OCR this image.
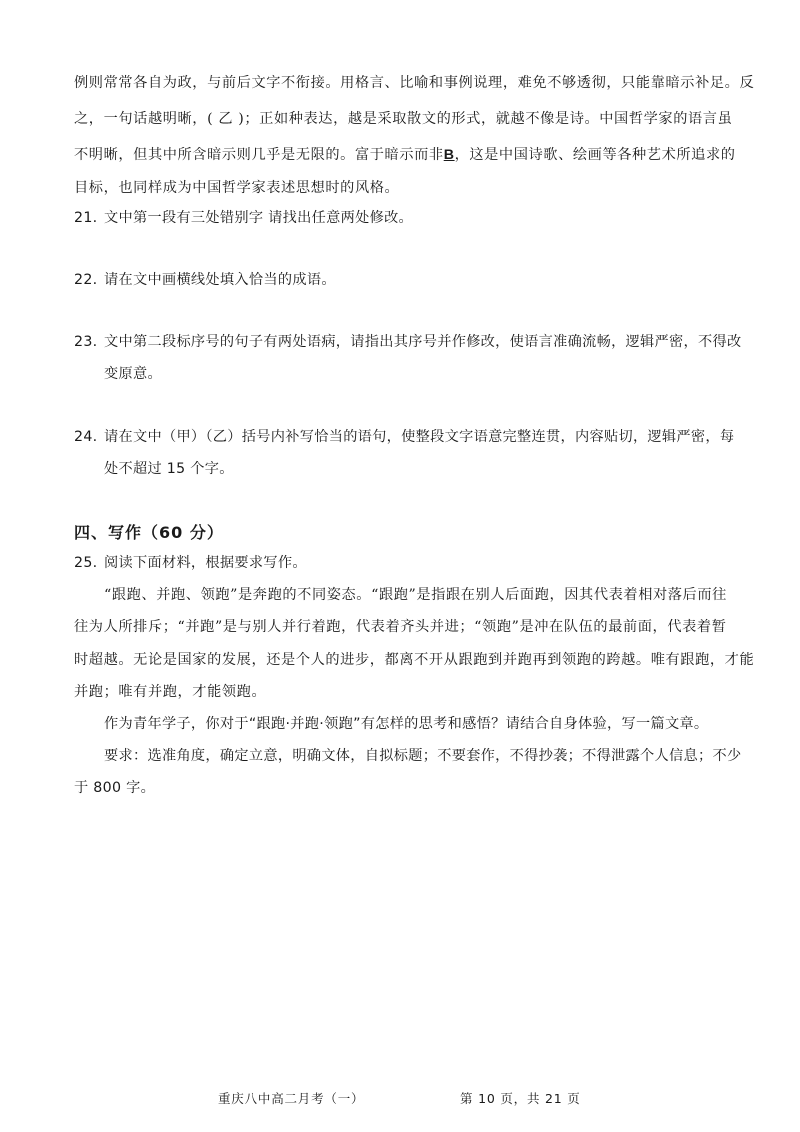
例则常常各自为政，与前后文字不衔接。用格言、比喻和事例说理，难免不够透彻，只能靠暗示补足。反
之，一句话越明晰，( 乙 )；正如种表达，越是采取散文的形式，就越不像是诗。中国哲学家的语言虽
不明晰，但其中所含暗示则几乎是无限的。富于暗示而非B，这是中国诗歌、绘画等各种艺术所追求的
目标，也同样成为中国哲学家表述思想时的风格。
21. 文中第一段有三处错别字 请找出任意两处修改。
22. 请在文中画横线处填入恰当的成语。
23. 文中第二段标序号的句子有两处语病，请指出其序号并作修改，使语言准确流畅，逻辑严密，不得改
变原意。
24. 请在文中（甲）（乙）括号内补写恰当的语句，使整段文字语意完整连贯，内容贴切，逻辑严密，每
处不超过 15 个字。
四、写作（60 分）
25. 阅读下面材料，根据要求写作。
“跟跑、并跑、领跑”是奔跑的不同姿态。“跟跑”是指跟在别人后面跑，因其代表着相对落后而往
往为人所排斥；“并跑”是与别人并行着跑，代表着齐头并进；“领跑”是冲在队伍的最前面，代表着暂
时超越。无论是国家的发展，还是个人的进步，都离不开从跟跑到并跑再到领跑的跨越。唯有跟跑，才能
并跑；唯有并跑，才能领跑。
作为青年学子，你对于“跟跑·并跑·领跑”有怎样的思考和感悟？请结合自身体验，写一篇文章。
要求：选准角度，确定立意，明确文体，自拟标题；不要套作，不得抄袭；不得泄露个人信息；不少
于 800 字。
重庆八中高二月考（一）	第 10 页，共 21 页
